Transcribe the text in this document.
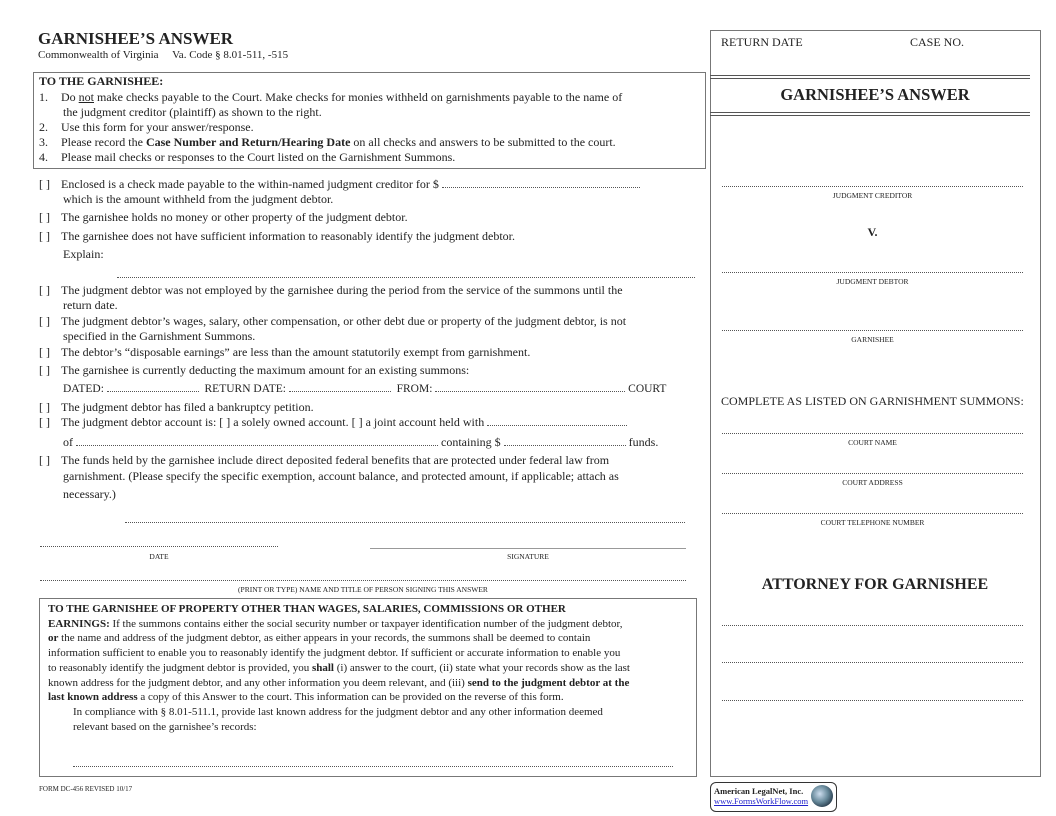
GARNISHEE’S ANSWER
Commonwealth of Virginia     Va. Code § 8.01-511, -515
TO THE GARNISHEE:
1. Do not make checks payable to the Court. Make checks for monies withheld on garnishments payable to the name of
the judgment creditor (plaintiff) as shown to the right.
2. Use this form for your answer/response.
3. Please record the Case Number and Return/Hearing Date on all checks and answers to be submitted to the court.
4. Please mail checks or responses to the Court listed on the Garnishment Summons.
[ ] Enclosed is a check made payable to the within-named judgment creditor for $
which is the amount withheld from the judgment debtor.
[ ] The garnishee holds no money or other property of the judgment debtor.
[ ] The garnishee does not have sufficient information to reasonably identify the judgment debtor.
Explain:
[ ] The judgment debtor was not employed by the garnishee during the period from the service of the summons until the
return date.
[ ] The judgment debtor’s wages, salary, other compensation, or other debt due or property of the judgment debtor, is not
specified in the Garnishment Summons.
[ ] The debtor’s “disposable earnings” are less than the amount statutorily exempt from garnishment.
[ ] The garnishee is currently deducting the maximum amount for an existing summons:
DATED:	RETURN DATE:	FROM:	COURT
[ ] The judgment debtor has filed a bankruptcy petition.
[ ] The judgment debtor account is: [ ] a solely owned account. [ ] a joint account held with
of	containing $	funds.
[ ] The funds held by the garnishee include direct deposited federal benefits that are protected under federal law from
garnishment. (Please specify the specific exemption, account balance, and protected amount, if applicable; attach as
necessary.)
DATE	SIGNATURE
(PRINT OR TYPE) NAME AND TITLE OF PERSON SIGNING THIS ANSWER
TO THE GARNISHEE OF PROPERTY OTHER THAN WAGES, SALARIES, COMMISSIONS OR OTHER
EARNINGS: If the summons contains either the social security number or taxpayer identification number of the judgment debtor,
or the name and address of the judgment debtor, as either appears in your records, the summons shall be deemed to contain
information sufficient to enable you to reasonably identify the judgment debtor. If sufficient or accurate information to enable you
to reasonably identify the judgment debtor is provided, you shall (i) answer to the court, (ii) state what your records show as the last
known address for the judgment debtor, and any other information you deem relevant, and (iii) send to the judgment debtor at the
last known address a copy of this Answer to the court. This information can be provided on the reverse of this form.
In compliance with § 8.01-511.1, provide last known address for the judgment debtor and any other information deemed
relevant based on the garnishee’s records:
FORM DC-456 REVISED 10/17	American LegalNet, Inc.
www.FormsWorkFlow.com
RETURN DATE	CASE NO.
GARNISHEE’S ANSWER
JUDGMENT CREDITOR
V.
JUDGMENT DEBTOR
GARNISHEE
COMPLETE AS LISTED ON GARNISHMENT SUMMONS:
COURT NAME
COURT ADDRESS
COURT TELEPHONE NUMBER
ATTORNEY FOR GARNISHEE
